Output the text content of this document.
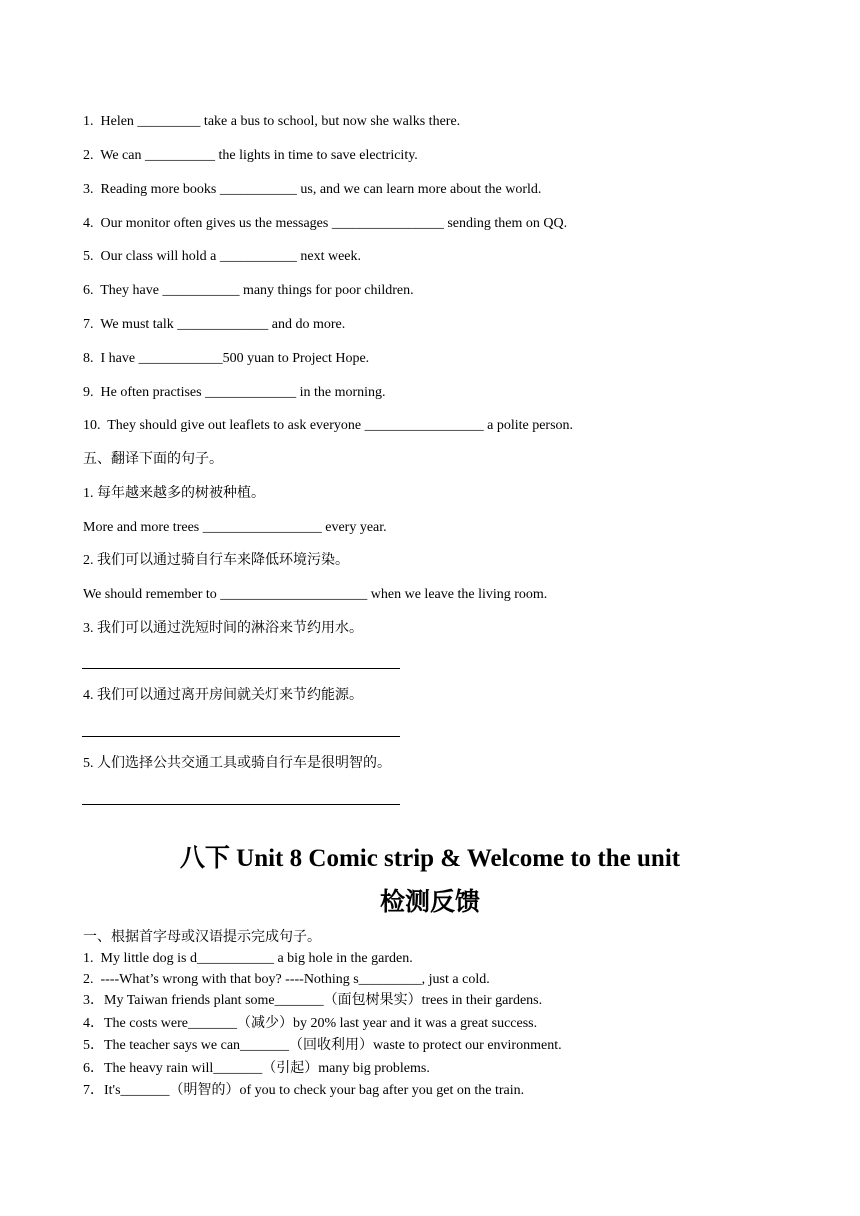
1.  Helen _________ take a bus to school, but now she walks there.

2.  We can __________ the lights in time to save electricity.

3.  Reading more books ___________ us, and we can learn more about the world.

4.  Our monitor often gives us the messages ________________ sending them on QQ.

5.  Our class will hold a ___________ next week.

6.  They have ___________ many things for poor children.

7.  We must talk _____________ and do more.

8.  I have ____________500 yuan to Project Hope.

9.  He often practises _____________ in the morning.

10.  They should give out leaflets to ask everyone _________________ a polite person.

五、翻译下面的句子。

1. 每年越来越多的树被种植。

More and more trees _________________ every year.

2. 我们可以通过骑自行车来降低环境污染。

We should remember to _____________________ when we leave the living room.

3. 我们可以通过洗短时间的淋浴来节约用水。

4. 我们可以通过离开房间就关灯来节约能源。

5. 人们选择公共交通工具或骑自行车是很明智的。

八下 Unit 8 Comic strip & Welcome to the unit
检测反馈

一、根据首字母或汉语提示完成句子。

1.  My little dog is d___________ a big hole in the garden.

2.  ----What’s wrong with that boy? ----Nothing s_________, just a cold.

3．My Taiwan friends plant some_______（面包树果实）trees in their gardens.

4．The costs were_______（减少）by 20% last year and it was a great success.

5．The teacher says we can_______（回收利用）waste to protect our environment.

6．The heavy rain will_______（引起）many big problems.

7．It's_______（明智的）of you to check your bag after you get on the train.
